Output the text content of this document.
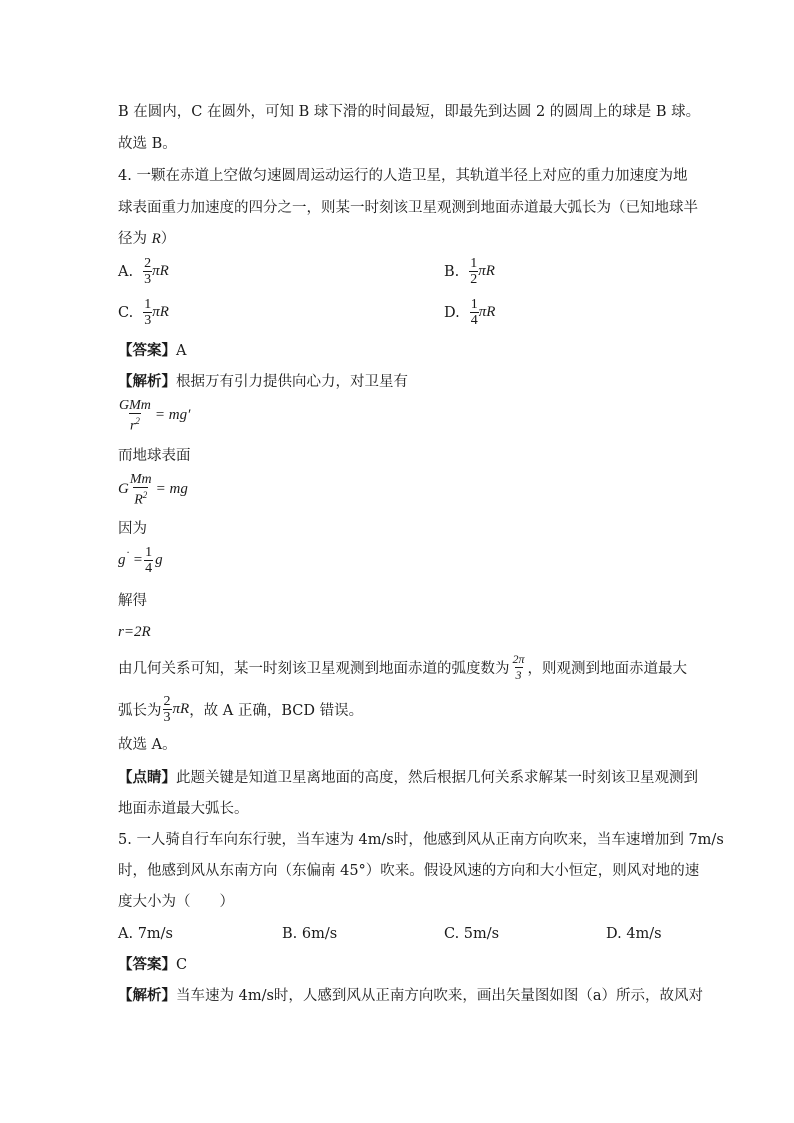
B 在圆内，C 在圆外，可知 B 球下滑的时间最短，即最先到达圆 2 的圆周上的球是 B 球。
故选 B。
4. 一颗在赤道上空做匀速圆周运动运行的人造卫星，其轨道半径上对应的重力加速度为地
球表面重力加速度的四分之一，则某一时刻该卫星观测到地面赤道最大弧长为（已知地球半
径为 R）
A. $\frac{2}{3}$ πR	B. $\frac{1}{2}$ πR
C. $\frac{1}{3}$ πR	D. $\frac{1}{4}$ πR
【答案】A
【解析】根据万有引力提供向心力，对卫星有
$\frac{\text{GMm}}{r^2} = mg'$
而地球表面
G $\frac{Mm}{R^2}$ = mg
因为
g · = $\frac{1}{4}$ g
解得
r=2R
由几何关系可知，某一时刻该卫星观测到地面赤道的弧度数为 $\frac{2\pi}{3}$ ，则观测到地面赤道最大
弧长为 $\frac{2}{3}$ πR ，故 A 正确，BCD 错误。
故选 A。
【点睛】此题关键是知道卫星离地面的高度，然后根据几何关系求解某一时刻该卫星观测到
地面赤道最大弧长。
5. 一人骑自行车向东行驶，当车速为 4m/s时，他感到风从正南方向吹来，当车速增加到 7m/s
时，他感到风从东南方向（东偏南 45°）吹来。假设风速的方向和大小恒定，则风对地的速
度大小为（　　）
A. 7m/s	B. 6m/s	C. 5m/s	D. 4m/s
【答案】C
【解析】当车速为 4m/s时，人感到风从正南方向吹来，画出矢量图如图（a）所示，故风对
